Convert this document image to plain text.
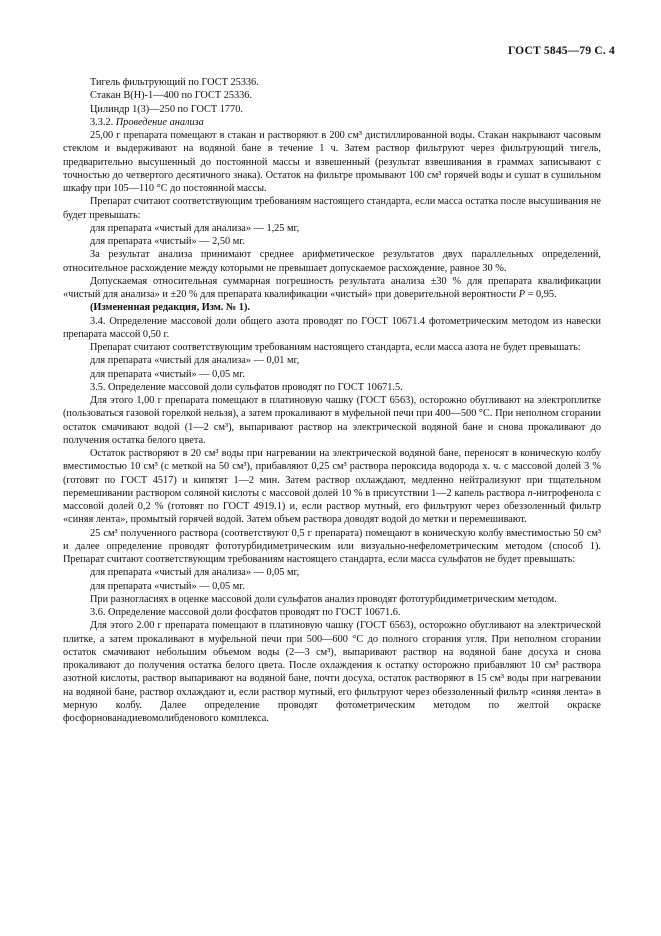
ГОСТ 5845—79 С. 4

Тигель фильтрующий по ГОСТ 25336.

Стакан В(Н)-1—400 по ГОСТ 25336.

Цилиндр 1(3)—250 по ГОСТ 1770.

3.3.2. Проведение анализа

25,00 г препарата помещают в стакан и растворяют в 200 см³ дистиллированной воды. Стакан накрывают часовым стеклом и выдерживают на водяной бане в течение 1 ч. Затем раствор фильтруют через фильтрующий тигель, предварительно высушенный до постоянной массы и взвешенный (результат взвешивания в граммах записывают с точностью до четвертого десятичного знака). Остаток на фильтре промывают 100 см³ горячей воды и сушат в сушильном шкафу при 105—110 °С до постоянной массы.

Препарат считают соответствующим требованиям настоящего стандарта, если масса остатка после высушивания не будет превышать:

для препарата «чистый для анализа» — 1,25 мг,

для препарата «чистый» — 2,50 мг.

За результат анализа принимают среднее арифметическое результатов двух параллельных определений, относительное расхождение между которыми не превышает допускаемое расхождение, равное 30 %.

Допускаемая относительная суммарная погрешность результата анализа ±30 % для препарата квалификации «чистый для анализа» и ±20 % для препарата квалификации «чистый» при доверительной вероятности P = 0,95.

(Измененная редакция, Изм. № 1).

3.4. Определение массовой доли общего азота проводят по ГОСТ 10671.4 фотометрическим методом из навески препарата массой 0,50 г.

Препарат считают соответствующим требованиям настоящего стандарта, если масса азота не будет превышать:

для препарата «чистый для анализа» — 0,01 мг,

для препарата «чистый» — 0,05 мг.

3.5. Определение массовой доли сульфатов проводят по ГОСТ 10671.5.

Для этого 1,00 г препарата помещают в платиновую чашку (ГОСТ 6563), осторожно обугливают на электроплитке (пользоваться газовой горелкой нельзя), а затем прокаливают в муфельной печи при 400—500 °С. При неполном сгорании остаток смачивают водой (1—2 см³), выпаривают раствор на электрической водяной бане и снова прокаливают до получения остатка белого цвета.

Остаток растворяют в 20 см³ воды при нагревании на электрической водяной бане, переносят в коническую колбу вместимостью 10 см³ (с меткой на 50 см³), прибавляют 0,25 см³ раствора пероксида водорода х. ч. с массовой долей 3 % (готовят по ГОСТ 4517) и кипятят 1—2 мин. Затем раствор охлаждают, медленно нейтрализуют при тщательном перемешивании раствором соляной кислоты с массовой долей 10 % в присутствии 1—2 капель раствора n-нитрофенола с массовой долей 0,2 % (готовят по ГОСТ 4919.1) и, если раствор мутный, его фильтруют через обеззоленный фильтр «синяя лента», промытый горячей водой. Затем объем раствора доводят водой до метки и перемешивают.

25 см³ полученного раствора (соответствуют 0,5 г препарата) помещают в коническую колбу вместимостью 50 см³ и далее определение проводят фототурбидиметрическим или визуально-нефелометрическим методом (способ 1). Препарат считают соответствующим требованиям настоящего стандарта, если масса сульфатов не будет превышать:

для препарата «чистый для анализа» — 0,05 мг,

для препарата «чистый» — 0,05 мг.

При разногласиях в оценке массовой доли сульфатов анализ проводят фототурбидиметрическим методом.

3.6. Определение массовой доли фосфатов проводят по ГОСТ 10671.6.

Для этого 2.00 г препарата помещают в платиновую чашку (ГОСТ 6563), осторожно обугливают на электрической плитке, а затем прокаливают в муфельной печи при 500—600 °С до полного сгорания угля. При неполном сгорании остаток смачивают небольшим объемом воды (2—3 см³), выпаривают раствор на водяной бане досуха и снова прокаливают до получения остатка белого цвета. После охлаждения к остатку осторожно прибавляют 10 см³ раствора азотной кислоты, раствор выпаривают на водяной бане, почти досуха, остаток растворяют в 15 см³ воды при нагревании на водяной бане, раствор охлаждают и, если раствор мутный, его фильтруют через обеззоленный фильтр «синяя лента» в мерную колбу. Далее определение проводят фотометрическим методом по желтой окраске фосфорнованадиевомолибденового комплекса.
